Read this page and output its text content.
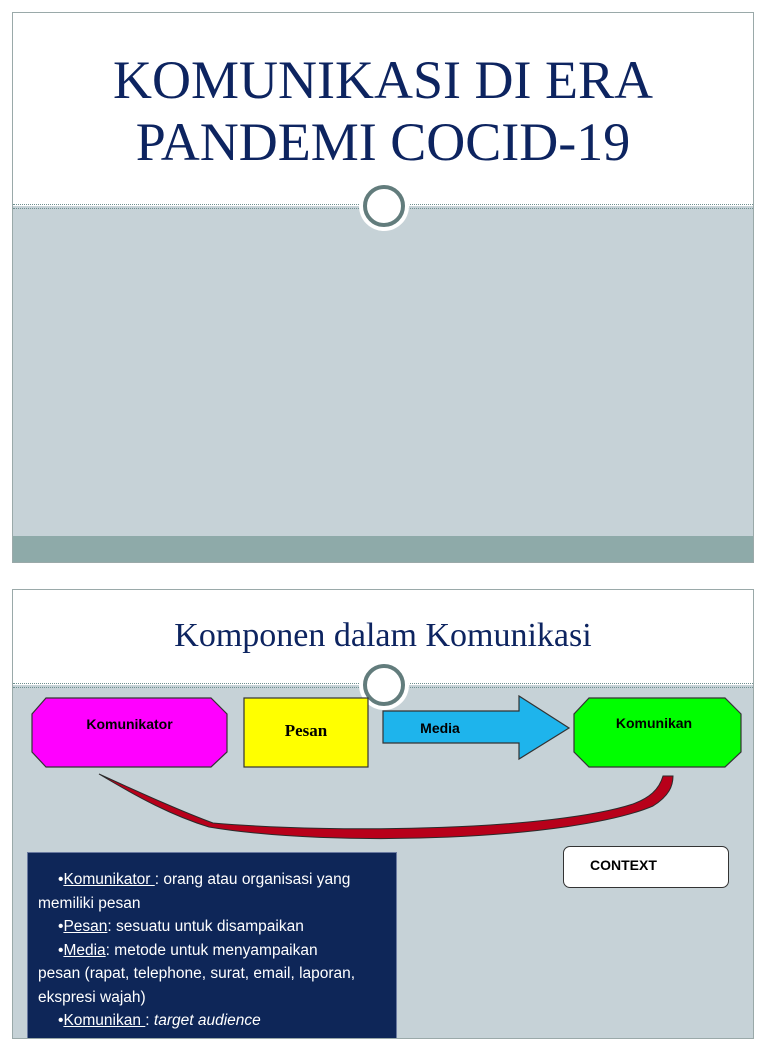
KOMUNIKASI DI ERA
PANDEMI COCID-19
Komponen dalam Komunikasi
Komunikator	Pesan	Media	Komunikan
CONTEXT

•Komunikator : orang atau organisasi yang

memiliki pesan

•Pesan: sesuatu untuk disampaikan

•Media: metode untuk menyampaikan

pesan (rapat, telephone, surat, email, laporan, ekspresi wajah)

•Komunikan : target audience
